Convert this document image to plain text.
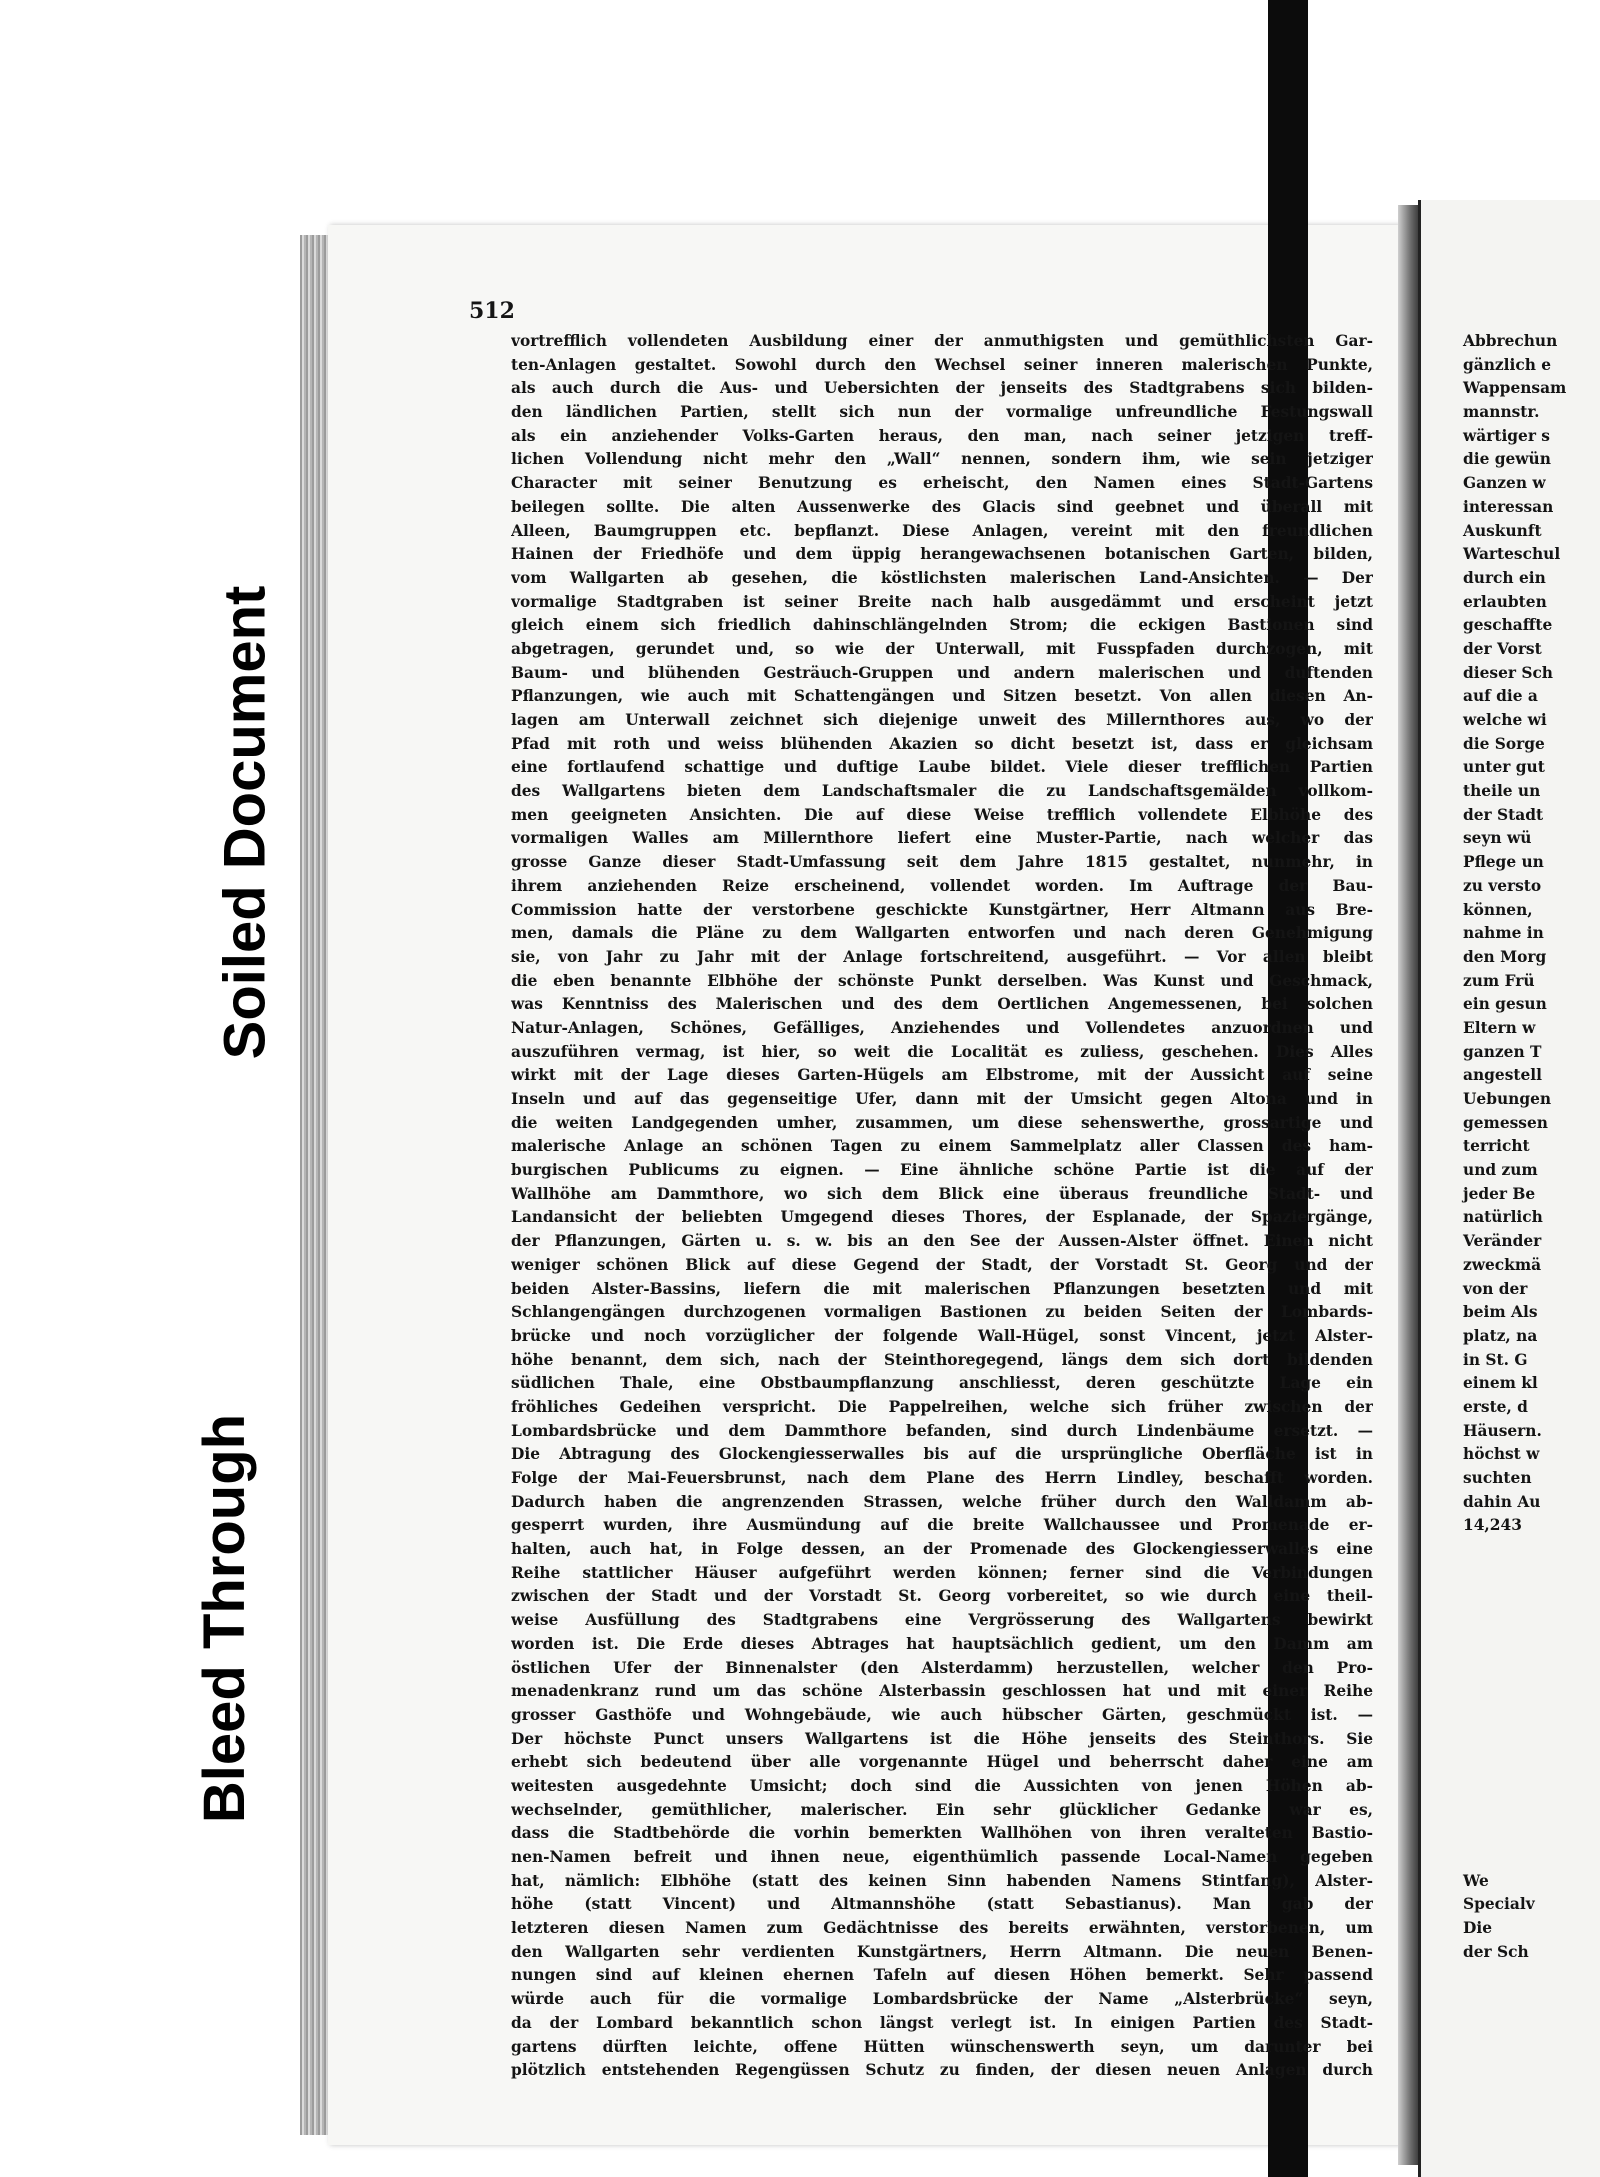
512
vortrefflich vollendeten Ausbildung einer der anmuthigsten und gemüthlichsten Gar-
ten-Anlagen gestaltet. Sowohl durch den Wechsel seiner inneren malerischen Punkte,
als auch durch die Aus- und Uebersichten der jenseits des Stadtgrabens sich bilden-
den ländlichen Partien, stellt sich nun der vormalige unfreundliche Festungswall
als ein anziehender Volks-Garten heraus, den man, nach seiner jetzigen treff-
lichen Vollendung nicht mehr den „Wall“ nennen, sondern ihm, wie sein jetziger
Character mit seiner Benutzung es erheischt, den Namen eines Stadt-Gartens
beilegen sollte. Die alten Aussenwerke des Glacis sind geebnet und überall mit
Alleen, Baumgruppen etc. bepflanzt. Diese Anlagen, vereint mit den freundlichen
Hainen der Friedhöfe und dem üppig herangewachsenen botanischen Garten, bilden,
vom Wallgarten ab gesehen, die köstlichsten malerischen Land-Ansichten. — Der
vormalige Stadtgraben ist seiner Breite nach halb ausgedämmt und erscheint jetzt
gleich einem sich friedlich dahinschlängelnden Strom; die eckigen Bastionen sind
abgetragen, gerundet und, so wie der Unterwall, mit Fusspfaden durchzogen, mit
Baum- und blühenden Gesträuch-Gruppen und andern malerischen und duftenden
Pflanzungen, wie auch mit Schattengängen und Sitzen besetzt. Von allen diesen An-
lagen am Unterwall zeichnet sich diejenige unweit des Millernthores aus, wo der
Pfad mit roth und weiss blühenden Akazien so dicht besetzt ist, dass er gleichsam
eine fortlaufend schattige und duftige Laube bildet. Viele dieser trefflichen Partien
des Wallgartens bieten dem Landschaftsmaler die zu Landschaftsgemälden vollkom-
men geeigneten Ansichten. Die auf diese Weise trefflich vollendete Elbhöhe des
vormaligen Walles am Millernthore liefert eine Muster-Partie, nach welcher das
grosse Ganze dieser Stadt-Umfassung seit dem Jahre 1815 gestaltet, nunmehr, in
ihrem anziehenden Reize erscheinend, vollendet worden. Im Auftrage der Bau-
Commission hatte der verstorbene geschickte Kunstgärtner, Herr Altmann aus Bre-
men, damals die Pläne zu dem Wallgarten entworfen und nach deren Genehmigung
sie, von Jahr zu Jahr mit der Anlage fortschreitend, ausgeführt. — Vor allen bleibt
die eben benannte Elbhöhe der schönste Punkt derselben. Was Kunst und Geschmack,
was Kenntniss des Malerischen und des dem Oertlichen Angemessenen, bei solchen
Natur-Anlagen, Schönes, Gefälliges, Anziehendes und Vollendetes anzuordnen und
auszuführen vermag, ist hier, so weit die Localität es zuliess, geschehen. Dies Alles
wirkt mit der Lage dieses Garten-Hügels am Elbstrome, mit der Aussicht auf seine
Inseln und auf das gegenseitige Ufer, dann mit der Umsicht gegen Altona und in
die weiten Landgegenden umher, zusammen, um diese sehenswerthe, grossartige und
malerische Anlage an schönen Tagen zu einem Sammelplatz aller Classen des ham-
burgischen Publicums zu eignen. — Eine ähnliche schöne Partie ist die auf der
Wallhöhe am Dammthore, wo sich dem Blick eine überaus freundliche Stadt- und
Landansicht der beliebten Umgegend dieses Thores, der Esplanade, der Spaziergänge,
der Pflanzungen, Gärten u. s. w. bis an den See der Aussen-Alster öffnet. Einen nicht
weniger schönen Blick auf diese Gegend der Stadt, der Vorstadt St. Georg und der
beiden Alster-Bassins, liefern die mit malerischen Pflanzungen besetzten und mit
Schlangengängen durchzogenen vormaligen Bastionen zu beiden Seiten der Lombards-
brücke und noch vorzüglicher der folgende Wall-Hügel, sonst Vincent, jetzt Alster-
höhe benannt, dem sich, nach der Steinthoregegend, längs dem sich dort bildenden
südlichen Thale, eine Obstbaumpflanzung anschliesst, deren geschützte Lage ein
fröhliches Gedeihen verspricht. Die Pappelreihen, welche sich früher zwischen der
Lombardsbrücke und dem Dammthore befanden, sind durch Lindenbäume ersetzt. —
Die Abtragung des Glockengiesserwalles bis auf die ursprüngliche Oberfläche ist in
Folge der Mai-Feuersbrunst, nach dem Plane des Herrn Lindley, beschafft worden.
Dadurch haben die angrenzenden Strassen, welche früher durch den Walldamm ab-
gesperrt wurden, ihre Ausmündung auf die breite Wallchaussee und Promenade er-
halten, auch hat, in Folge dessen, an der Promenade des Glockengiesserwalles eine
Reihe stattlicher Häuser aufgeführt werden können; ferner sind die Verbindungen
zwischen der Stadt und der Vorstadt St. Georg vorbereitet, so wie durch eine theil-
weise Ausfüllung des Stadtgrabens eine Vergrösserung des Wallgartens bewirkt
worden ist. Die Erde dieses Abtrages hat hauptsächlich gedient, um den Damm am
östlichen Ufer der Binnenalster (den Alsterdamm) herzustellen, welcher den Pro-
menadenkranz rund um das schöne Alsterbassin geschlossen hat und mit einer Reihe
grosser Gasthöfe und Wohngebäude, wie auch hübscher Gärten, geschmückt ist. —
Der höchste Punct unsers Wallgartens ist die Höhe jenseits des Steinthors. Sie
erhebt sich bedeutend über alle vorgenannte Hügel und beherrscht daher eine am
weitesten ausgedehnte Umsicht; doch sind die Aussichten von jenen Höhen ab-
wechselnder, gemüthlicher, malerischer. Ein sehr glücklicher Gedanke war es,
dass die Stadtbehörde die vorhin bemerkten Wallhöhen von ihren veralteten Bastio-
nen-Namen befreit und ihnen neue, eigenthümlich passende Local-Namen gegeben
hat, nämlich: Elbhöhe (statt des keinen Sinn habenden Namens Stintfang), Alster-
höhe (statt Vincent) und Altmannshöhe (statt Sebastianus). Man gab der
letzteren diesen Namen zum Gedächtnisse des bereits erwähnten, verstorbenen, um
den Wallgarten sehr verdienten Kunstgärtners, Herrn Altmann. Die neuen Benen-
nungen sind auf kleinen ehernen Tafeln auf diesen Höhen bemerkt. Sehr passend
würde auch für die vormalige Lombardsbrücke der Name „Alsterbrücke“ seyn,
da der Lombard bekanntlich schon längst verlegt ist. In einigen Partien des Stadt-
gartens dürften leichte, offene Hütten wünschenswerth seyn, um darunter bei
plötzlich entstehenden Regengüssen Schutz zu finden, der diesen neuen Anlagen durch
Abbrechun
gänzlich e
Wappensam
mannstr.
wärtiger s
die gewün
Ganzen w
interessan
Auskunft
Warteschul
durch ein
erlaubten
geschaffte
der Vorst
dieser Sch
auf die a
welche wi
die Sorge
unter gut
theile un
der Stadt
seyn wü
Pflege un
zu versto
können,
nahme in
den Morg
zum Frü
ein gesun
Eltern w
ganzen T
angestell
Uebungen
gemessen
terricht
und zum
jeder Be
natürlich
Veränder
zweckmä
von der
beim Als
platz, na
in St. G
einem kl
erste, d
Häusern.
höchst w
suchten
dahin Au
14,243
We
Specialv
Die
der Sch
Soiled Document
Bleed Through
